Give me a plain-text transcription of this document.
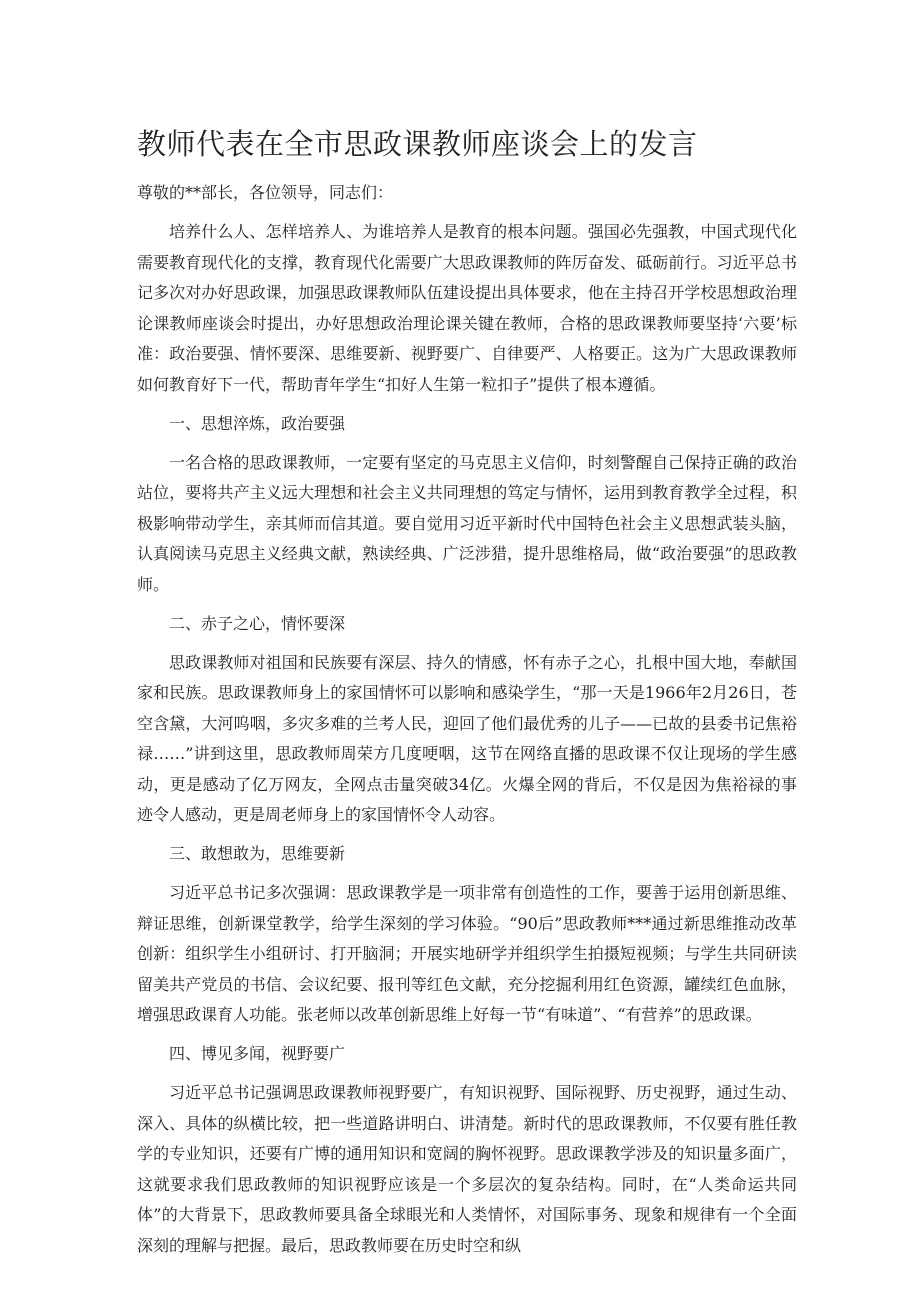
教师代表在全市思政课教师座谈会上的发言

尊敬的**部长，各位领导，同志们：

培养什么人、怎样培养人、为谁培养人是教育的根本问题。强国必先强教，中国式现代化需要教育现代化的支撑，教育现代化需要广大思政课教师的阵厉奋发、砥砺前行。习近平总书记多次对办好思政课，加强思政课教师队伍建设提出具体要求，他在主持召开学校思想政治理论课教师座谈会时提出，办好思想政治理论课关键在教师，合格的思政课教师要坚持‘六要’标准：政治要强、情怀要深、思维要新、视野要广、自律要严、人格要正。这为广大思政课教师如何教育好下一代，帮助青年学生“扣好人生第一粒扣子”提供了根本遵循。

一、思想淬炼，政治要强

一名合格的思政课教师，一定要有坚定的马克思主义信仰，时刻警醒自己保持正确的政治站位，要将共产主义远大理想和社会主义共同理想的笃定与情怀，运用到教育教学全过程，积极影响带动学生，亲其师而信其道。要自觉用习近平新时代中国特色社会主义思想武装头脑，认真阅读马克思主义经典文献，熟读经典、广泛涉猎，提升思维格局，做“政治要强”的思政教师。

二、赤子之心，情怀要深

思政课教师对祖国和民族要有深层、持久的情感，怀有赤子之心，扎根中国大地，奉献国家和民族。思政课教师身上的家国情怀可以影响和感染学生，“那一天是1966年2月26日，苍空含黛，大河呜咽，多灾多难的兰考人民，迎回了他们最优秀的儿子——已故的县委书记焦裕禄……”讲到这里，思政教师周荣方几度哽咽，这节在网络直播的思政课不仅让现场的学生感动，更是感动了亿万网友，全网点击量突破34亿。火爆全网的背后，不仅是因为焦裕禄的事迹令人感动，更是周老师身上的家国情怀令人动容。

三、敢想敢为，思维要新

习近平总书记多次强调：思政课教学是一项非常有创造性的工作，要善于运用创新思维、辩证思维，创新课堂教学，给学生深刻的学习体验。“90后”思政教师***通过新思维推动改革创新：组织学生小组研讨、打开脑洞；开展实地研学并组织学生拍摄短视频；与学生共同研读留美共产党员的书信、会议纪要、报刊等红色文献，充分挖掘利用红色资源，罐续红色血脉，增强思政课育人功能。张老师以改革创新思维上好每一节“有味道”、“有营养”的思政课。

四、博见多闻，视野要广

习近平总书记强调思政课教师视野要广，有知识视野、国际视野、历史视野，通过生动、深入、具体的纵横比较，把一些道路讲明白、讲清楚。新时代的思政课教师，不仅要有胜任教学的专业知识，还要有广博的通用知识和宽阔的胸怀视野。思政课教学涉及的知识量多面广，这就要求我们思政教师的知识视野应该是一个多层次的复杂结构。同时，在“人类命运共同体”的大背景下，思政教师要具备全球眼光和人类情怀，对国际事务、现象和规律有一个全面深刻的理解与把握。最后，思政教师要在历史时空和纵
